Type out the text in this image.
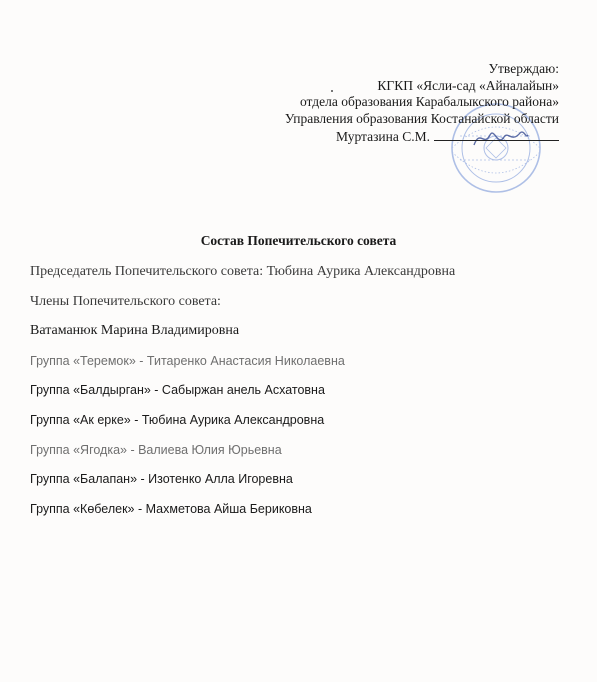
Утверждаю:
КГКП «Ясли-сад «Айналайын»
отдела образования Карабалыкского района»
Управления образования Костанайской области
Муртазина С.М.
Состав Попечительского совета
Председатель Попечительского совета: Тюбина Аурика Александровна
Члены Попечительского совета:
Ватаманюк Марина Владимировна
Группа «Теремок» - Титаренко Анастасия Николаевна
Группа «Балдырган» - Сабыржан анель Асхатовна
Группа «Ак ерке» - Тюбина Аурика Александровна
Группа «Ягодка» - Валиева Юлия Юрьевна
Группа «Балапан» - Изотенко Алла Игоревна
Группа «Көбелек» - Махметова Айша Бериковна
